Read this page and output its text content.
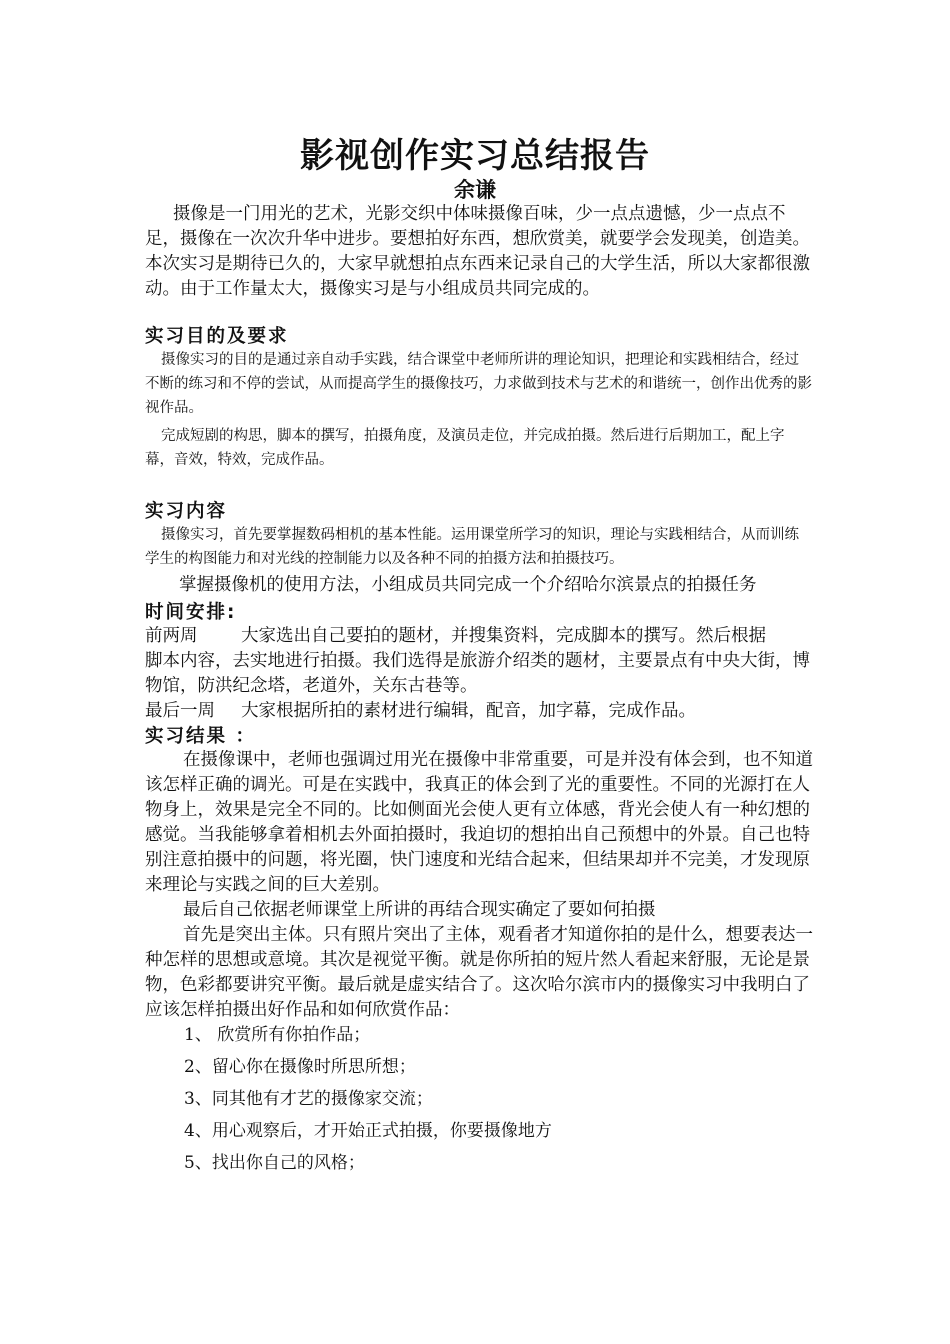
影视创作实习总结报告
余谦

摄像是一门用光的艺术，光影交织中体味摄像百味，少一点点遗憾，少一点点不足，摄像在一次次升华中进步。要想拍好东西，想欣赏美，就要学会发现美，创造美。本次实习是期待已久的，大家早就想拍点东西来记录自己的大学生活，所以大家都很激动。由于工作量太大，摄像实习是与小组成员共同完成的。

实习目的及要求

摄像实习的目的是通过亲自动手实践，结合课堂中老师所讲的理论知识，把理论和实践相结合，经过不断的练习和不停的尝试，从而提高学生的摄像技巧，力求做到技术与艺术的和谐统一，创作出优秀的影视作品。

完成短剧的构思，脚本的撰写，拍摄角度，及演员走位，并完成拍摄。然后进行后期加工，配上字幕，音效，特效，完成作品。

实习内容

摄像实习，首先要掌握数码相机的基本性能。运用课堂所学习的知识，理论与实践相结合，从而训练学生的构图能力和对光线的控制能力以及各种不同的拍摄方法和拍摄技巧。

掌握摄像机的使用方法，小组成员共同完成一个介绍哈尔滨景点的拍摄任务

时间安排:
前两周	大家选出自己要拍的题材，并搜集资料，完成脚本的撰写。然后根据

脚本内容，去实地进行拍摄。我们选得是旅游介绍类的题材，主要景点有中央大街，博物馆，防洪纪念塔，老道外，关东古巷等。

最后一周	大家根据所拍的素材进行编辑，配音，加字幕，完成作品。
实习结果 ：

在摄像课中，老师也强调过用光在摄像中非常重要，可是并没有体会到，也不知道该怎样正确的调光。可是在实践中，我真正的体会到了光的重要性。不同的光源打在人物身上，效果是完全不同的。比如侧面光会使人更有立体感，背光会使人有一种幻想的感觉。当我能够拿着相机去外面拍摄时，我迫切的想拍出自己预想中的外景。自己也特别注意拍摄中的问题，将光圈，快门速度和光结合起来，但结果却并不完美，才发现原来理论与实践之间的巨大差别。

最后自己依据老师课堂上所讲的再结合现实确定了要如何拍摄

首先是突出主体。只有照片突出了主体，观看者才知道你拍的是什么，想要表达一种怎样的思想或意境。其次是视觉平衡。就是你所拍的短片然人看起来舒服，无论是景物，色彩都要讲究平衡。最后就是虚实结合了。这次哈尔滨市内的摄像实习中我明白了应该怎样拍摄出好作品和如何欣赏作品：

1、 欣赏所有你拍作品；
2、留心你在摄像时所思所想；
3、同其他有才艺的摄像家交流；
4、用心观察后，才开始正式拍摄，你要摄像地方
5、找出你自己的风格；
